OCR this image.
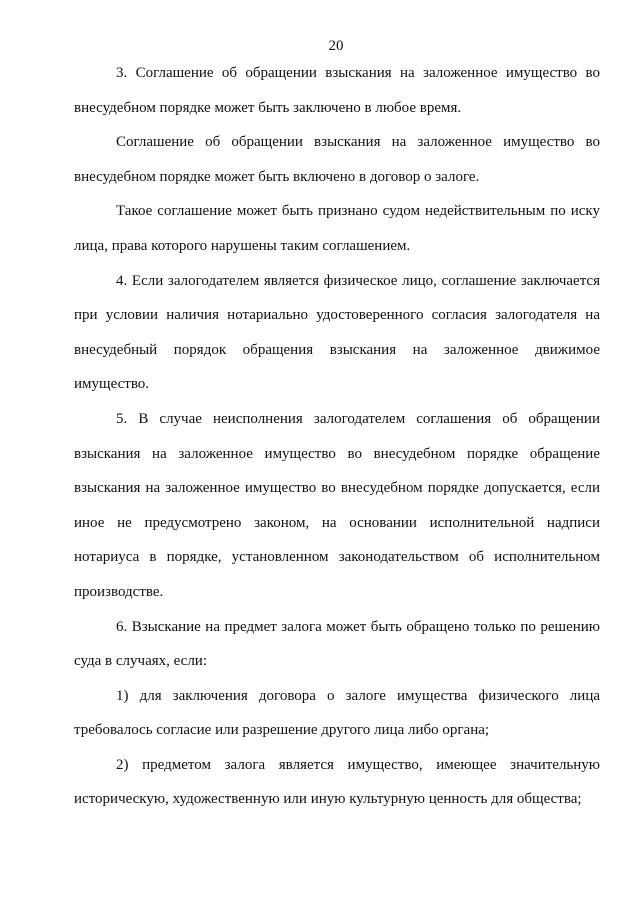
20

3. Соглашение об обращении взыскания на заложенное имущество во внесудебном порядке может быть заключено в любое время.

Соглашение об обращении взыскания на заложенное имущество во внесудебном порядке может быть включено в договор о залоге.

Такое соглашение может быть признано судом недействительным по иску лица, права которого нарушены таким соглашением.

4. Если залогодателем является физическое лицо, соглашение заключается при условии наличия нотариально удостоверенного согласия залогодателя на внесудебный порядок обращения взыскания на заложенное движимое имущество.

5. В случае неисполнения залогодателем соглашения об обращении взыскания на заложенное имущество во внесудебном порядке обращение взыскания на заложенное имущество во внесудебном порядке допускается, если иное не предусмотрено законом, на основании исполнительной надписи нотариуса в порядке, установленном законодательством об исполнительном производстве.

6. Взыскание на предмет залога может быть обращено только по решению суда в случаях, если:

1) для заключения договора о залоге имущества физического лица требовалось согласие или разрешение другого лица либо органа;

2) предметом залога является имущество, имеющее значительную историческую, художественную или иную культурную ценность для общества;
